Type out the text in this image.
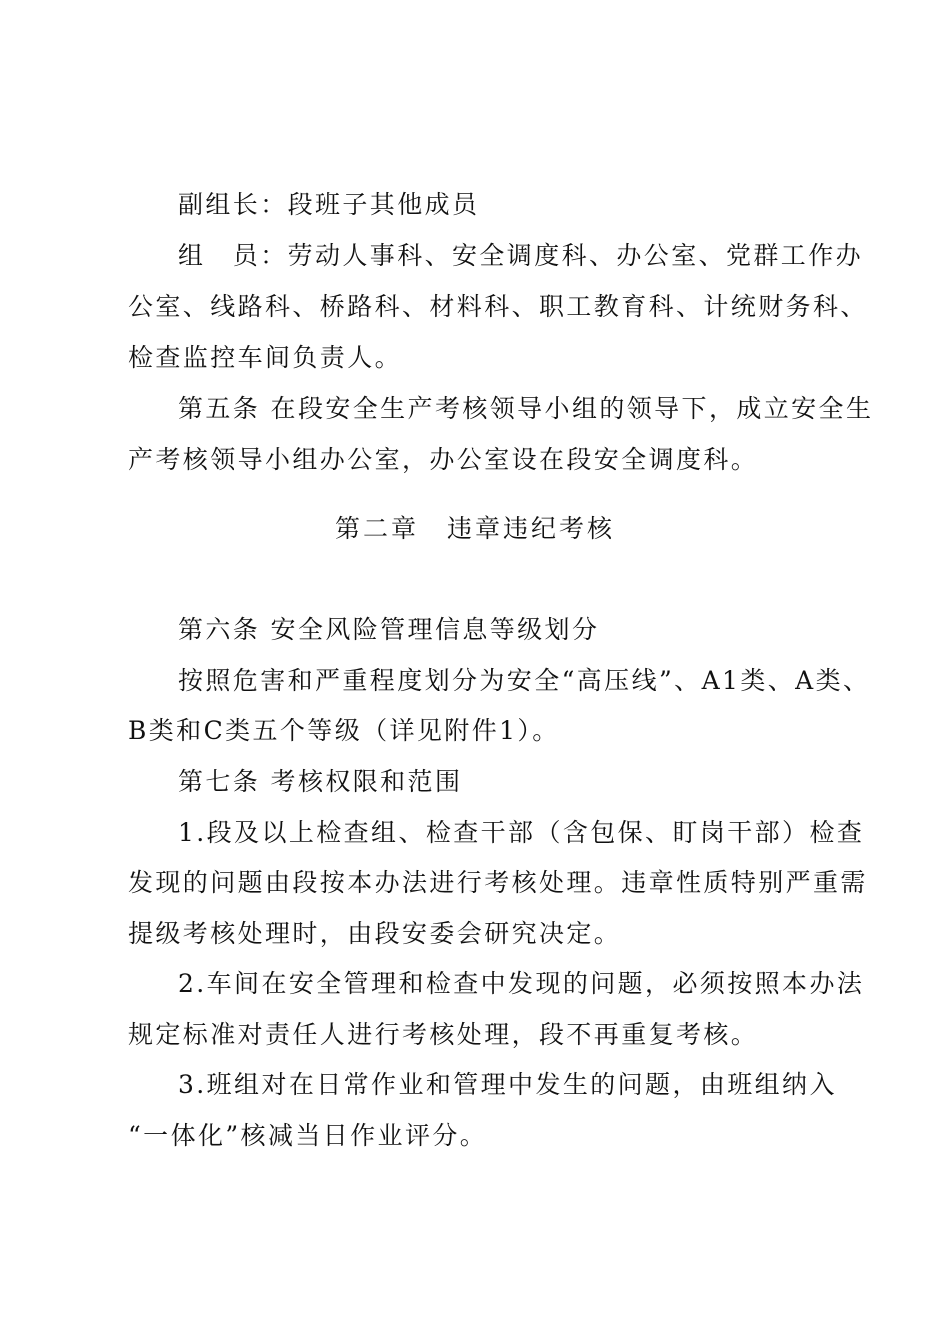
副组长：段班子其他成员
组　员：劳动人事科、安全调度科、办公室、党群工作办
公室、线路科、桥路科、材料科、职工教育科、计统财务科、
检查监控车间负责人。
第五条 在段安全生产考核领导小组的领导下，成立安全生
产考核领导小组办公室，办公室设在段安全调度科。
第二章　违章违纪考核
第六条 安全风险管理信息等级划分
按照危害和严重程度划分为安全“高压线”、A1类、A类、
B类和C类五个等级（详见附件1）。
第七条 考核权限和范围
1.段及以上检查组、检查干部（含包保、盯岗干部）检查
发现的问题由段按本办法进行考核处理。违章性质特别严重需
提级考核处理时，由段安委会研究决定。
2.车间在安全管理和检查中发现的问题，必须按照本办法
规定标准对责任人进行考核处理，段不再重复考核。
3.班组对在日常作业和管理中发生的问题，由班组纳入
“一体化”核减当日作业评分。
